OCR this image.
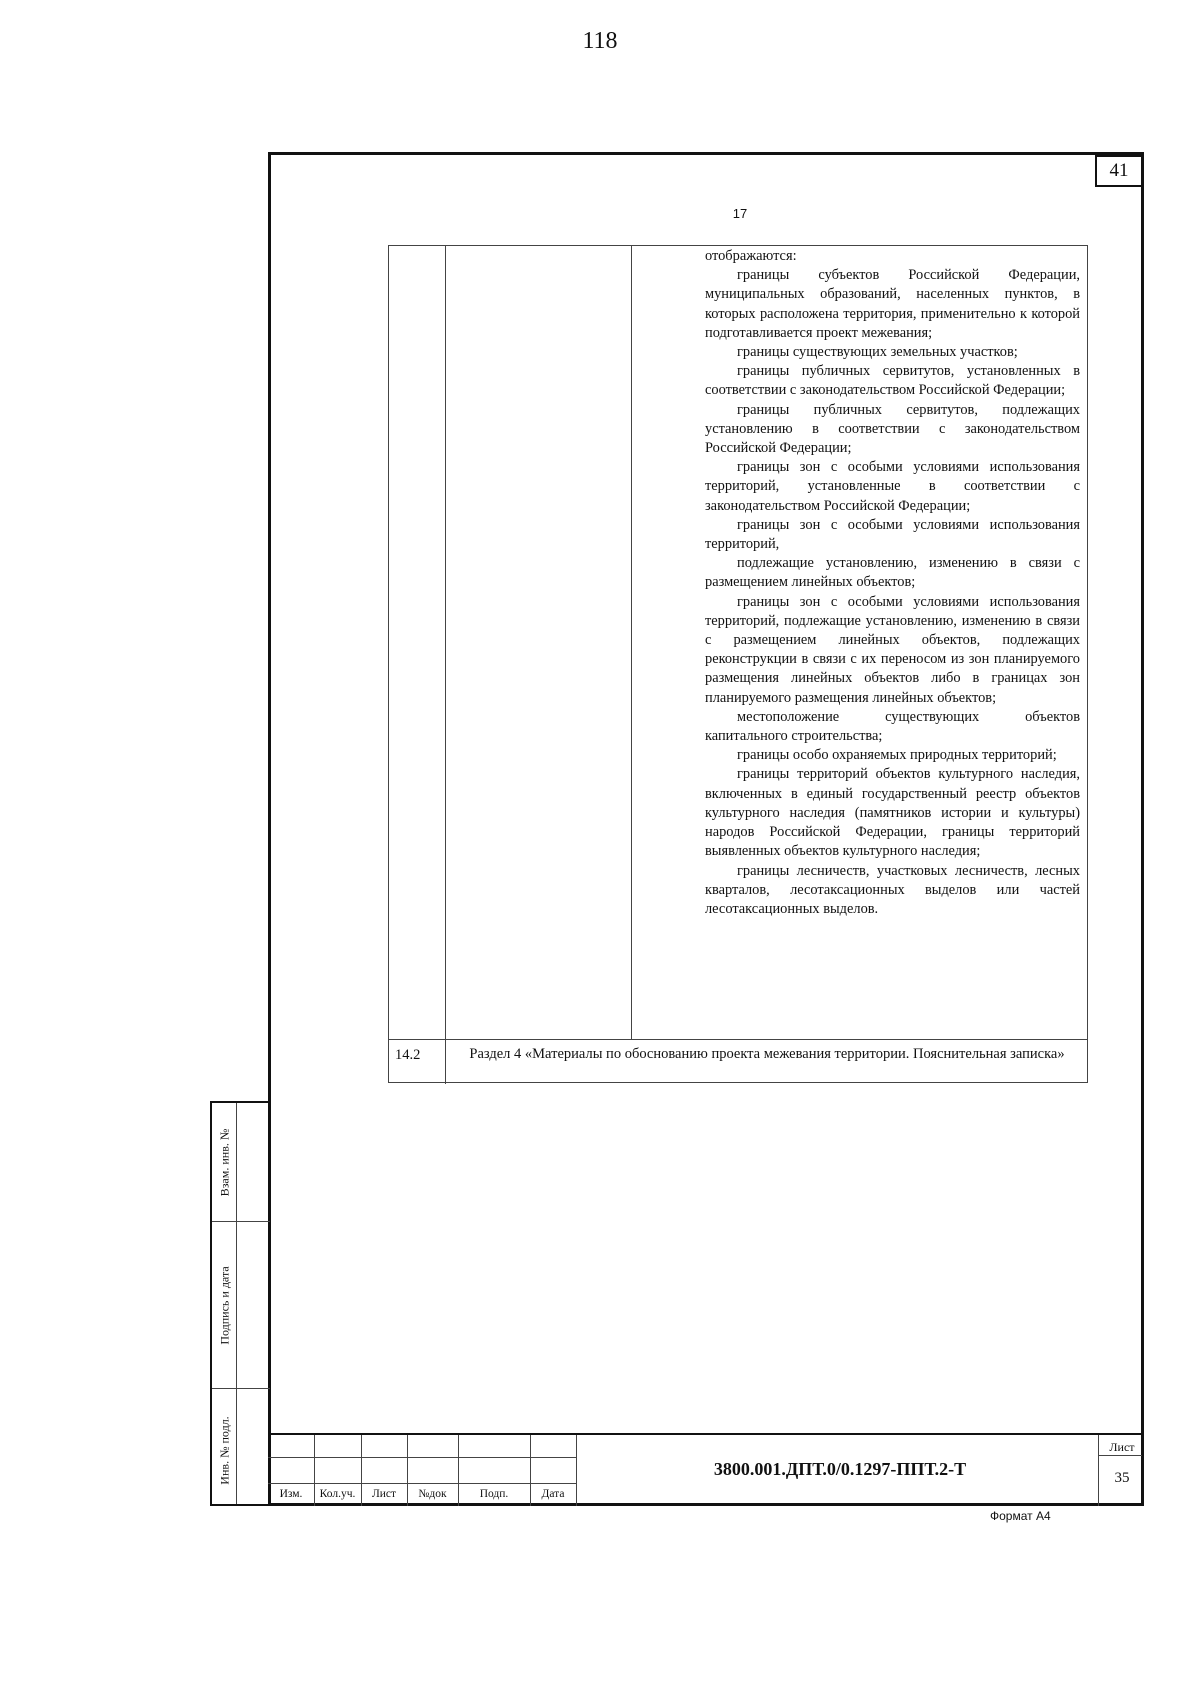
118
41
17

отображаются:

границы субъектов Российской Федерации, муниципальных образований, населенных пунктов, в которых расположена территория, применительно к которой подготавливается проект межевания;

границы существующих земельных участков;

границы публичных сервитутов, установленных в соответствии с законодательством Российской Федерации;

границы публичных сервитутов, подлежащих установлению в соответствии с законодательством Российской Федерации;

границы зон с особыми условиями использования территорий, установленные в соответствии с законодательством Российской Федерации;

границы зон с особыми условиями использования территорий,

подлежащие установлению, изменению в связи с размещением линейных объектов;

границы зон с особыми условиями использования территорий, подлежащие установлению, изменению в связи с размещением линейных объектов, подлежащих реконструкции в связи с их переносом из зон планируемого размещения линейных объектов либо в границах зон планируемого размещения линейных объектов;

местоположение существующих объектов капитального строительства;

границы особо охраняемых природных территорий;

границы территорий объектов культурного наследия, включенных в единый государственный реестр объектов культурного наследия (памятников истории и культуры) народов Российской Федерации, границы территорий выявленных объектов культурного наследия;

границы лесничеств, участковых лесничеств, лесных кварталов, лесотаксационных выделов или частей лесотаксационных выделов.

14.2	Раздел 4 «Материалы по обоснованию проекта межевания территории. Пояснительная записка»
Взам. инв. №
Подпись и дата
Инв. № подл.
Изм.	Кол.уч.	Лист	№док	Подп.	Дата
3800.001.ДПТ.0/0.1297-ППТ.2-Т
Лист
35
Формат А4
